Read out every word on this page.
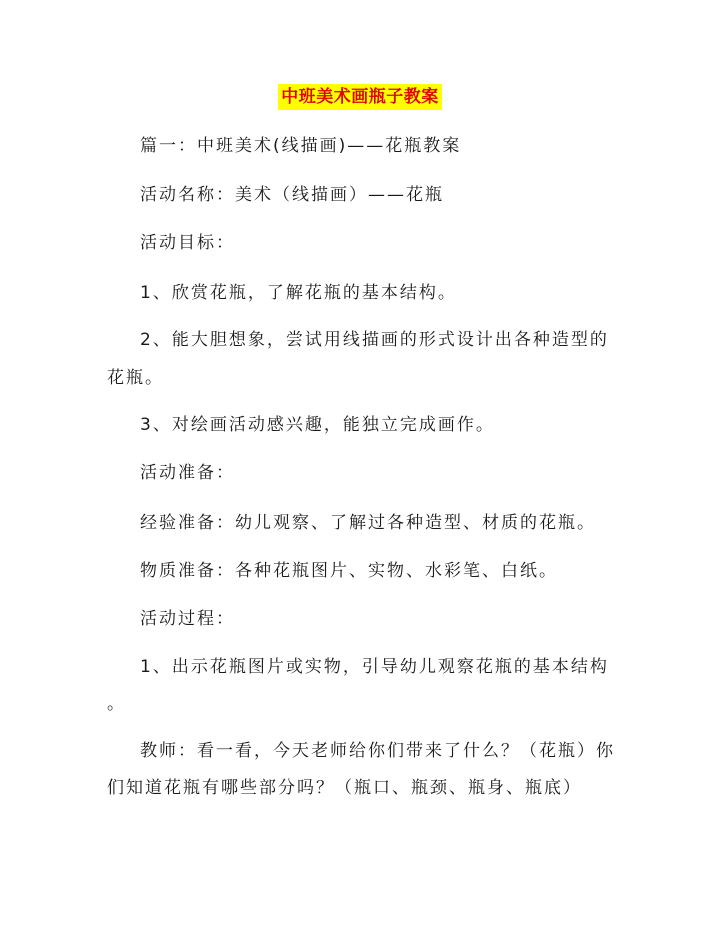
中班美术画瓶子教案
篇一：中班美术(线描画)——花瓶教案
活动名称：美术（线描画）——花瓶
活动目标：
1、欣赏花瓶，了解花瓶的基本结构。
2、能大胆想象，尝试用线描画的形式设计出各种造型的
花瓶。
3、对绘画活动感兴趣，能独立完成画作。
活动准备：
经验准备：幼儿观察、了解过各种造型、材质的花瓶。
物质准备：各种花瓶图片、实物、水彩笔、白纸。
活动过程：
1、出示花瓶图片或实物，引导幼儿观察花瓶的基本结构
。
教师：看一看，今天老师给你们带来了什么？（花瓶）你
们知道花瓶有哪些部分吗？（瓶口、瓶颈、瓶身、瓶底）
